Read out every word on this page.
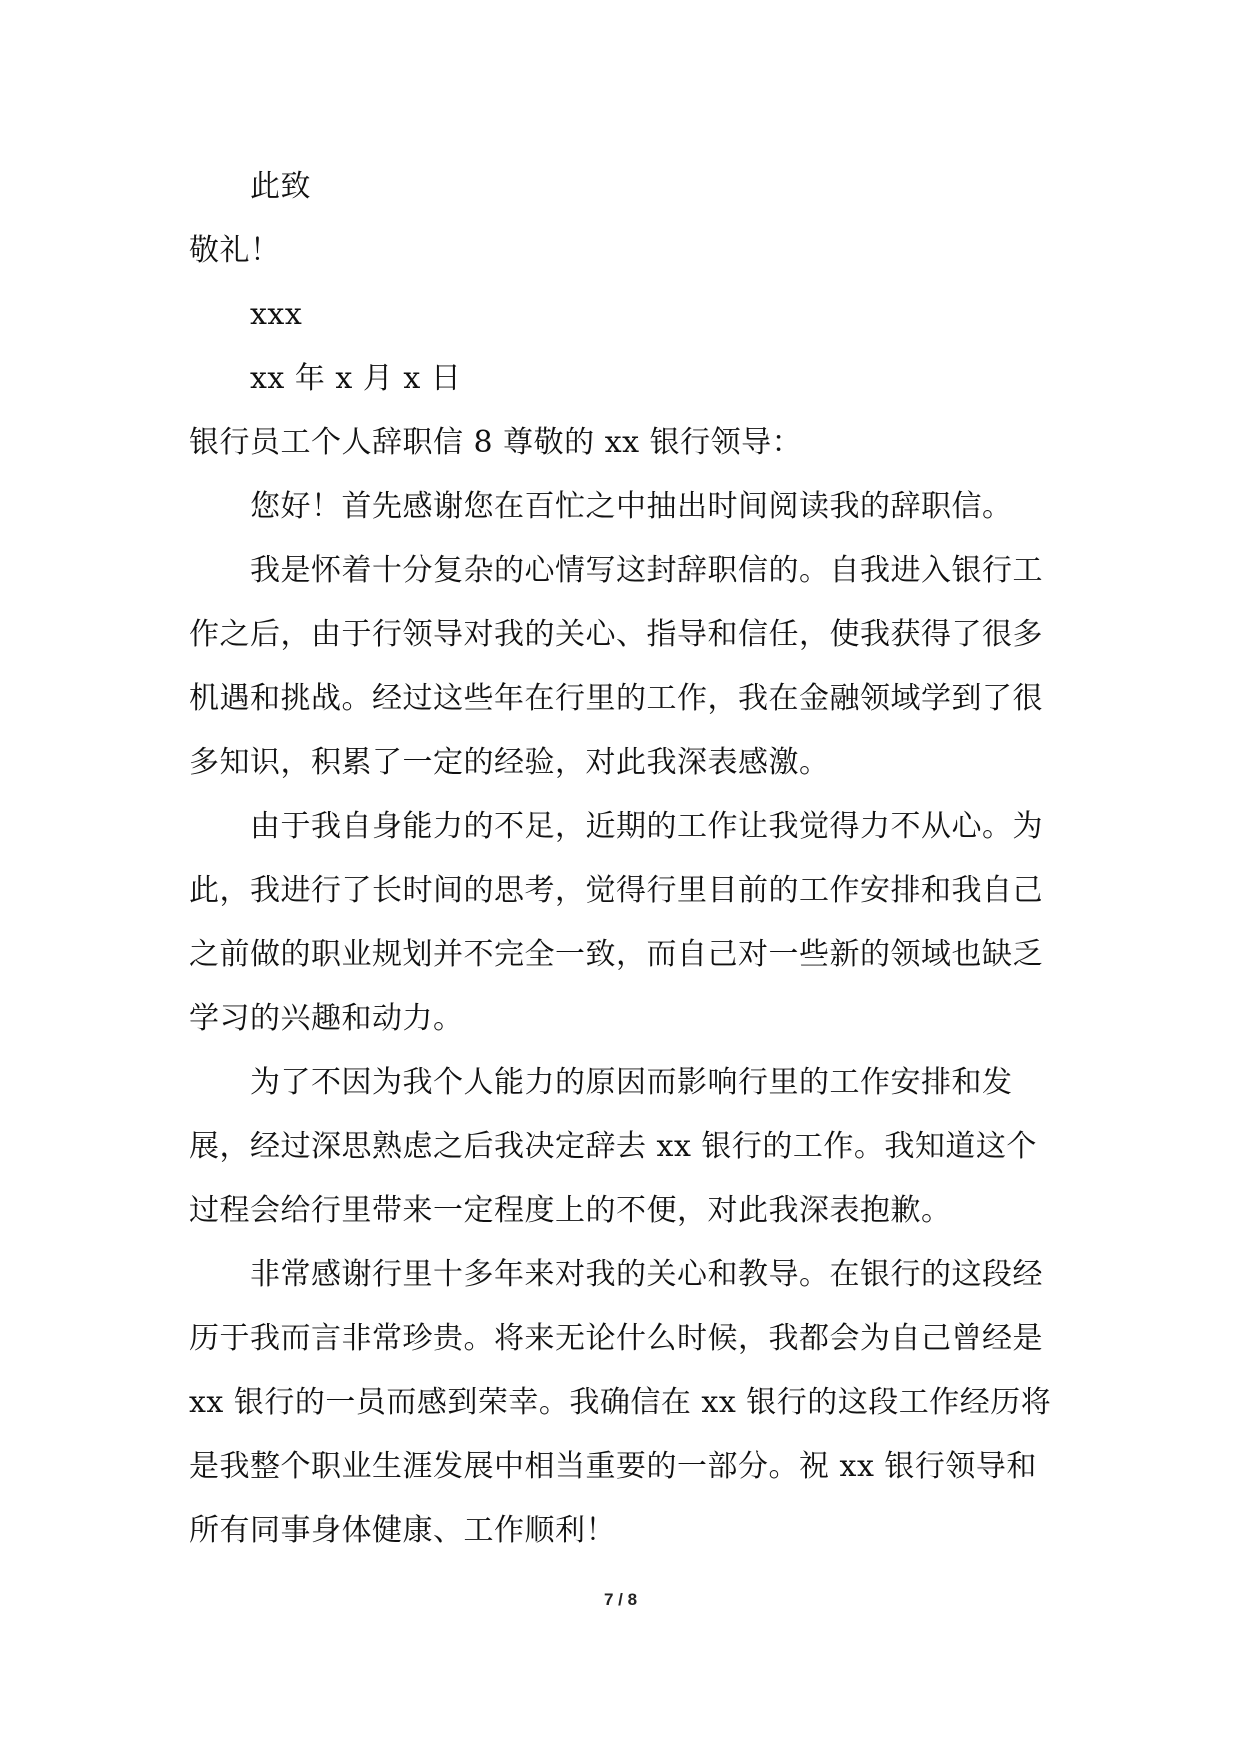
此致
敬礼！
xxx
xx 年 x 月 x 日
银行员工个人辞职信 8 尊敬的 xx 银行领导：
您好！首先感谢您在百忙之中抽出时间阅读我的辞职信。
我是怀着十分复杂的心情写这封辞职信的。自我进入银行工
作之后，由于行领导对我的关心、指导和信任，使我获得了很多
机遇和挑战。经过这些年在行里的工作，我在金融领域学到了很
多知识，积累了一定的经验，对此我深表感激。
由于我自身能力的不足，近期的工作让我觉得力不从心。为
此，我进行了长时间的思考，觉得行里目前的工作安排和我自己
之前做的职业规划并不完全一致，而自己对一些新的领域也缺乏
学习的兴趣和动力。
为了不因为我个人能力的原因而影响行里的工作安排和发
展，经过深思熟虑之后我决定辞去 xx 银行的工作。我知道这个
过程会给行里带来一定程度上的不便，对此我深表抱歉。
非常感谢行里十多年来对我的关心和教导。在银行的这段经
历于我而言非常珍贵。将来无论什么时候，我都会为自己曾经是
xx 银行的一员而感到荣幸。我确信在 xx 银行的这段工作经历将
是我整个职业生涯发展中相当重要的一部分。祝 xx 银行领导和
所有同事身体健康、工作顺利！
7 / 8
